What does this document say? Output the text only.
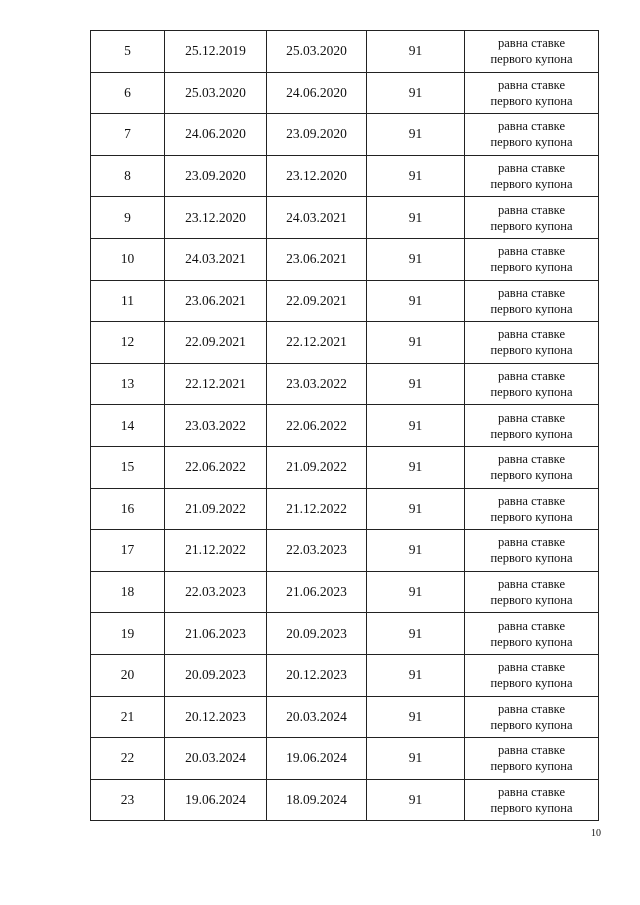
5	25.12.2019	25.03.2020	91	равна ставке
первого купона

6	25.03.2020	24.06.2020	91	равна ставке
первого купона

7	24.06.2020	23.09.2020	91	равна ставке
первого купона

8	23.09.2020	23.12.2020	91	равна ставке
первого купона

9	23.12.2020	24.03.2021	91	равна ставке
первого купона

10	24.03.2021	23.06.2021	91	равна ставке
первого купона

11	23.06.2021	22.09.2021	91	равна ставке
первого купона

12	22.09.2021	22.12.2021	91	равна ставке
первого купона

13	22.12.2021	23.03.2022	91	равна ставке
первого купона

14	23.03.2022	22.06.2022	91	равна ставке
первого купона

15	22.06.2022	21.09.2022	91	равна ставке
первого купона

16	21.09.2022	21.12.2022	91	равна ставке
первого купона

17	21.12.2022	22.03.2023	91	равна ставке
первого купона

18	22.03.2023	21.06.2023	91	равна ставке
первого купона

19	21.06.2023	20.09.2023	91	равна ставке
первого купона

20	20.09.2023	20.12.2023	91	равна ставке
первого купона

21	20.12.2023	20.03.2024	91	равна ставке
первого купона

22	20.03.2024	19.06.2024	91	равна ставке
первого купона

23	19.06.2024	18.09.2024	91	равна ставке
первого купона
10
